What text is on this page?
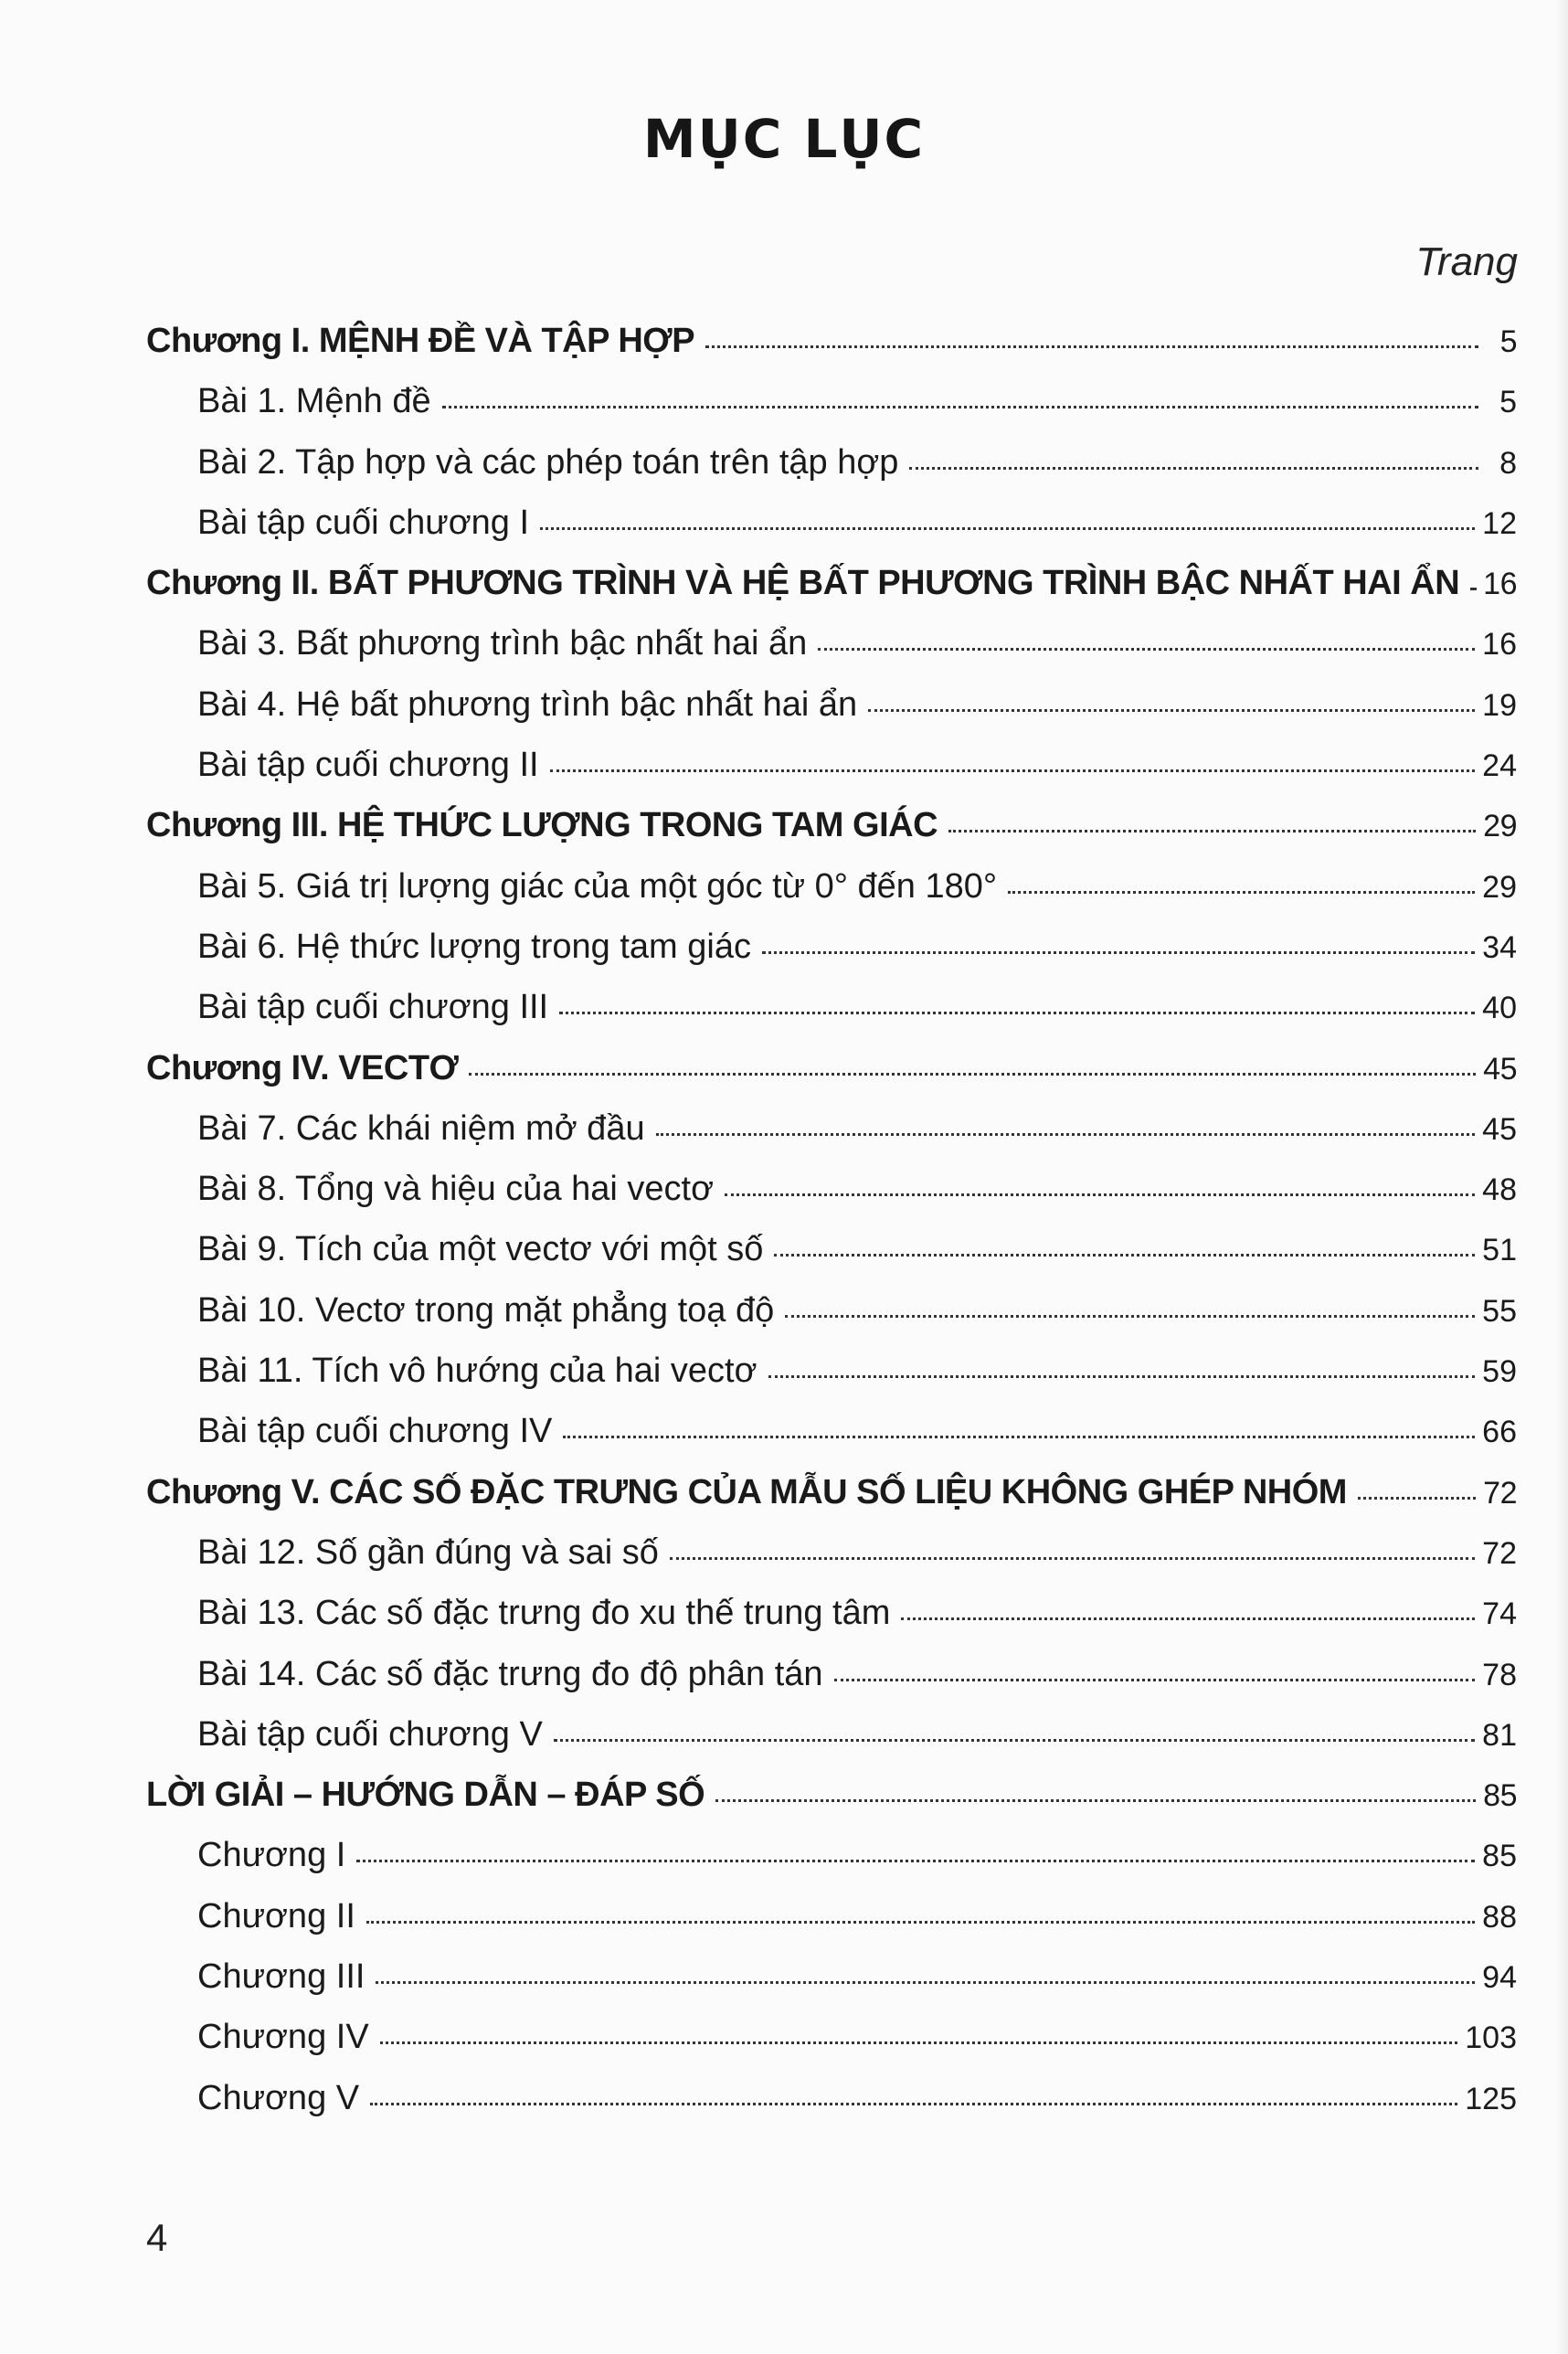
MỤC LỤC
Trang
Chương I. MỆNH ĐỀ VÀ TẬP HỢP	5
Bài 1. Mệnh đề	5
Bài 2. Tập hợp và các phép toán trên tập hợp	8
Bài tập cuối chương I	12
Chương II. BẤT PHƯƠNG TRÌNH VÀ HỆ BẤT PHƯƠNG TRÌNH BẬC NHẤT HAI ẨN 16
Bài 3. Bất phương trình bậc nhất hai ẩn	16
Bài 4. Hệ bất phương trình bậc nhất hai ẩn	19
Bài tập cuối chương II	24
Chương III. HỆ THỨC LƯỢNG TRONG TAM GIÁC	29
Bài 5. Giá trị lượng giác của một góc từ 0° đến 180°	29
Bài 6. Hệ thức lượng trong tam giác	34
Bài tập cuối chương III	40
Chương IV. VECTƠ	45
Bài 7. Các khái niệm mở đầu	45
Bài 8. Tổng và hiệu của hai vectơ	48
Bài 9. Tích của một vectơ với một số	51
Bài 10. Vectơ trong mặt phẳng toạ độ	55
Bài 11. Tích vô hướng của hai vectơ	59
Bài tập cuối chương IV	66
Chương V. CÁC SỐ ĐẶC TRƯNG CỦA MẪU SỐ LIỆU KHÔNG GHÉP NHÓM	72
Bài 12. Số gần đúng và sai số	72
Bài 13. Các số đặc trưng đo xu thế trung tâm	74
Bài 14. Các số đặc trưng đo độ phân tán	78
Bài tập cuối chương V	81
LỜI GIẢI – HƯỚNG DẪN – ĐÁP SỐ	85
Chương I	85
Chương II	88
Chương III	94
Chương IV	103
Chương V	125
4
